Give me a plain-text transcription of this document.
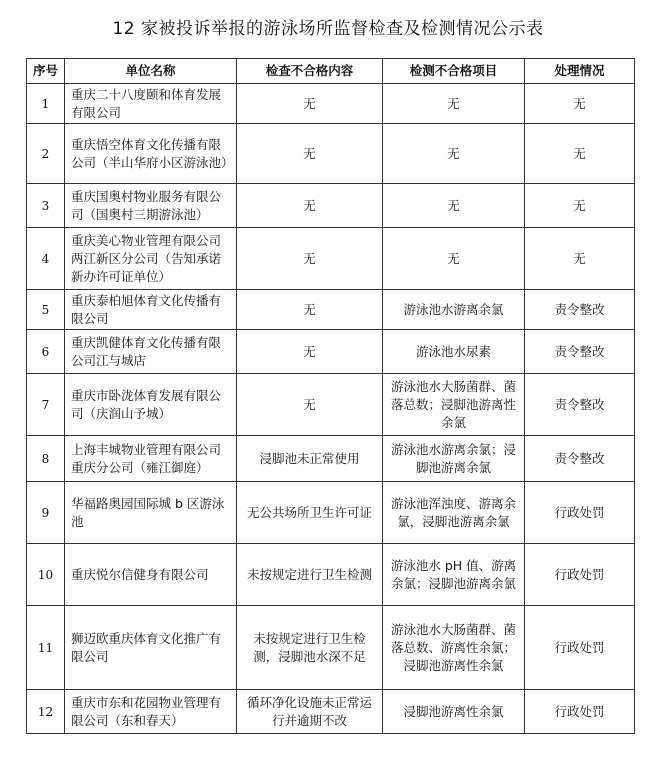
12 家被投诉举报的游泳场所监督检查及检测情况公示表
序号	单位名称	检查不合格内容	检测不合格项目	处理情况
1	重庆二十八度颐和体育发展有限公司	无	无	无
2	重庆悟空体育文化传播有限公司（半山华府小区游泳池）	无	无	无
3	重庆国奥村物业服务有限公司（国奥村三期游泳池）	无	无	无
4	重庆美心物业管理有限公司两江新区分公司（告知承诺新办许可证单位）	无	无	无
5	重庆泰柏旭体育文化传播有限公司	无	游泳池水游离余氯	责令整改
6	重庆凯健体育文化传播有限公司江与城店	无	游泳池水尿素	责令整改
7	重庆市卧泷体育发展有限公司（庆润山予城）	无	游泳池水大肠菌群、菌落总数；浸脚池游离性余氯	责令整改
8	上海丰城物业管理有限公司重庆分公司（雍江御庭）	浸脚池未正常使用	游泳池水游离余氯；浸脚池游离余氯	责令整改
9	华福路奥园国际城 b 区游泳池	无公共场所卫生许可证	游泳池浑浊度、游离余氯，浸脚池游离余氯	行政处罚
10	重庆悦尔信健身有限公司	未按规定进行卫生检测	游泳池水 pH 值、游离余氯；浸脚池游离余氯	行政处罚
11	狮迈欧重庆体育文化推广有限公司	未按规定进行卫生检测，浸脚池水深不足	游泳池水大肠菌群、菌落总数、游离性余氯；浸脚池游离性余氯	行政处罚
12	重庆市东和花园物业管理有限公司（东和春天）	循环净化设施未正常运行并逾期不改	浸脚池游离性余氯	行政处罚
